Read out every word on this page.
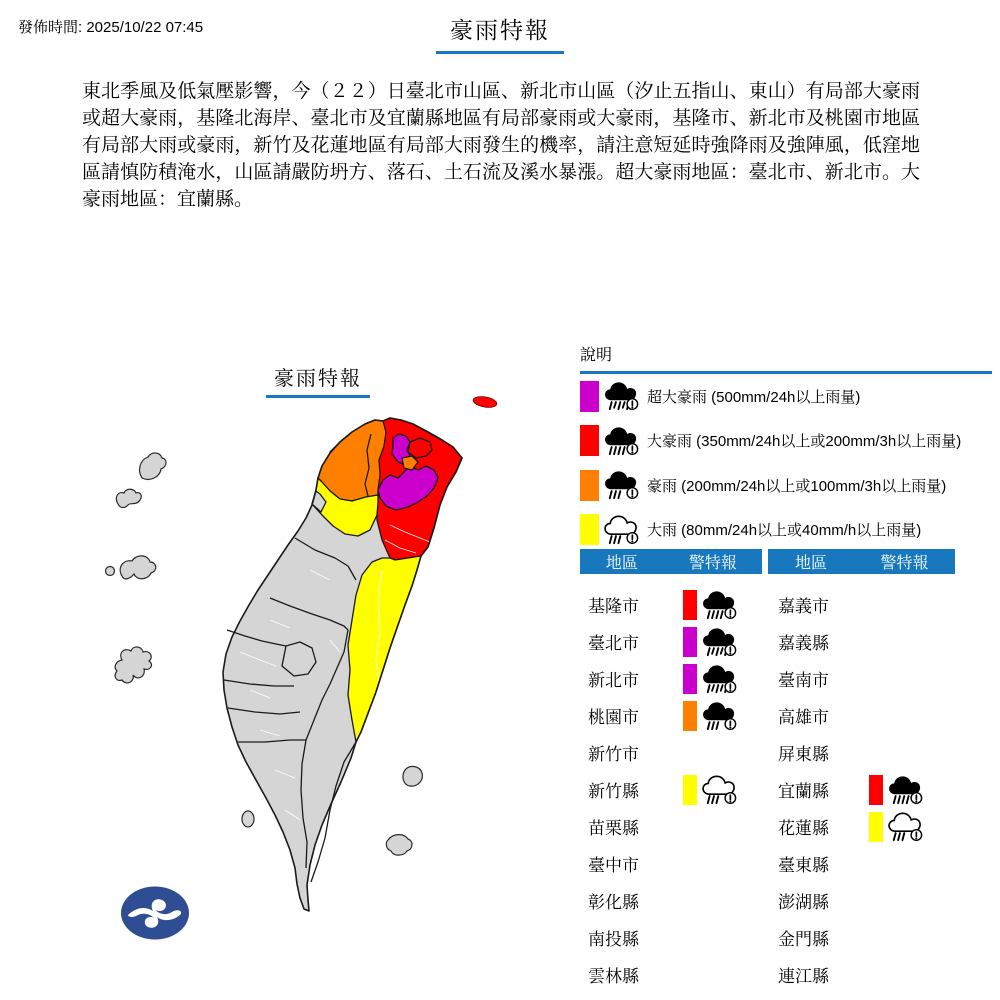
發佈時間: 2025/10/22 07:45	豪雨特報
東北季風及低氣壓影響，今（２２）日臺北市山區、新北市山區（汐止五指山、東山）有局部大豪雨或超大豪雨，基隆北海岸、臺北市及宜蘭縣地區有局部豪雨或大豪雨，基隆市、新北市及桃園市地區有局部大雨或豪雨，新竹及花蓮地區有局部大雨發生的機率，請注意短延時強降雨及強陣風，低窪地區請慎防積淹水，山區請嚴防坍方、落石、土石流及溪水暴漲。超大豪雨地區：臺北市、新北市。大豪雨地區：宜蘭縣。
豪雨特報
說明
超大豪雨 (500mm/24h以上雨量)
大豪雨 (350mm/24h以上或200mm/3h以上雨量)
豪雨 (200mm/24h以上或100mm/3h以上雨量)
大雨 (80mm/24h以上或40mm/h以上雨量)
地區	警特報
基隆市
臺北市
新北市
桃園市
新竹市
新竹縣
苗栗縣
臺中市
彰化縣
南投縣
雲林縣
地區	警特報
嘉義市
嘉義縣
臺南市
高雄市
屏東縣
宜蘭縣
花蓮縣
臺東縣
澎湖縣
金門縣
連江縣
